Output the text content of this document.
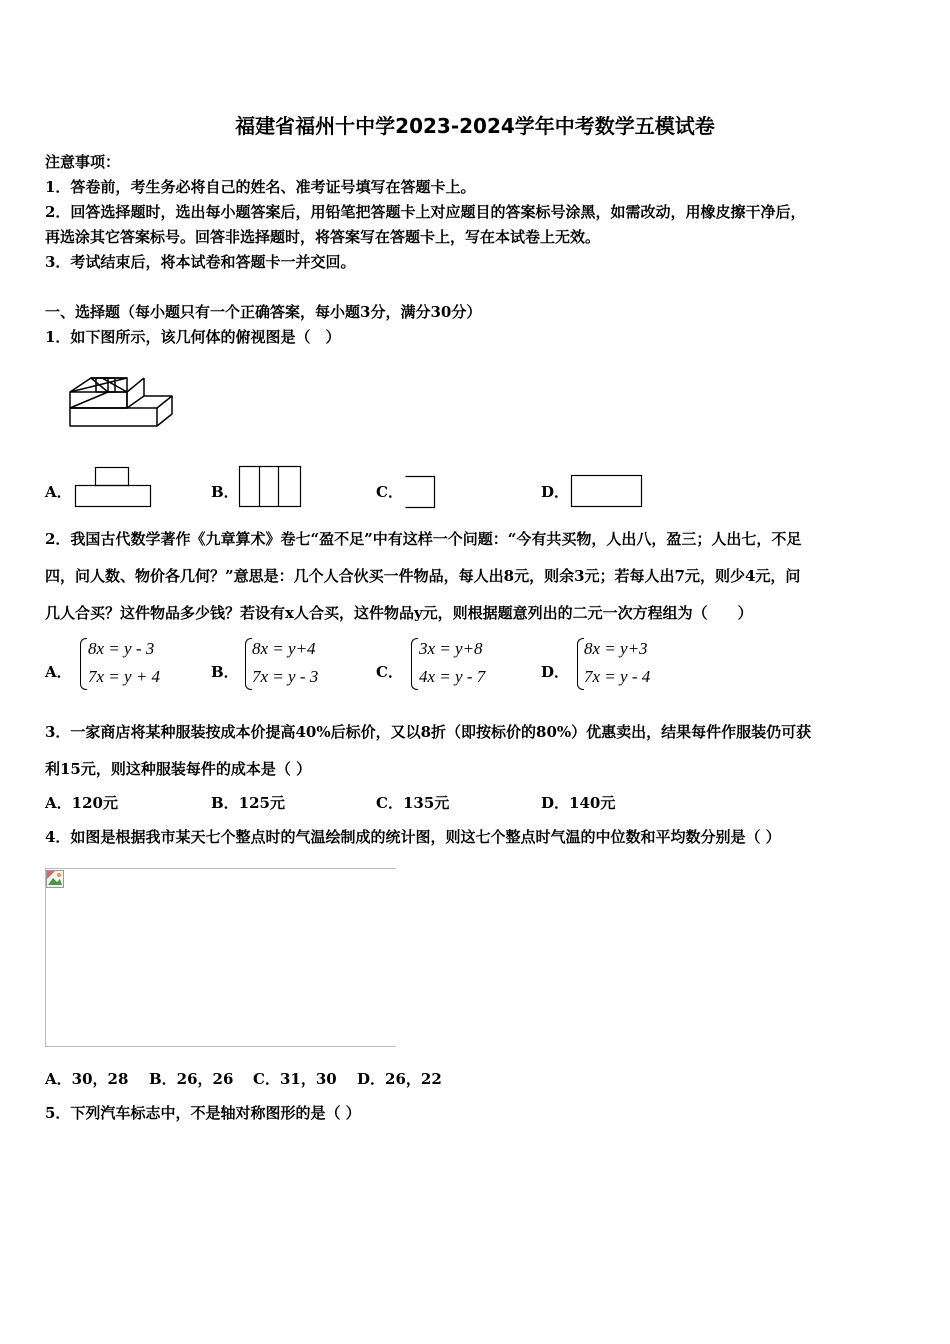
福建省福州十中学2023-2024学年中考数学五模试卷
注意事项：
1．答卷前，考生务必将自己的姓名、准考证号填写在答题卡上。
2．回答选择题时，选出每小题答案后，用铅笔把答题卡上对应题目的答案标号涂黑，如需改动，用橡皮擦干净后，
再选涂其它答案标号。回答非选择题时，将答案写在答题卡上，写在本试卷上无效。
3．考试结束后，将本试卷和答题卡一并交回。
一、选择题（每小题只有一个正确答案，每小题3分，满分30分）
1．如下图所示，该几何体的俯视图是（　）
A．	B．	C．	D．
2．我国古代数学著作《九章算术》卷七“盈不足”中有这样一个问题：“今有共买物，人出八，盈三；人出七，不足
四，问人数、物价各几何？”意思是：几个人合伙买一件物品，每人出8元，则余3元；若每人出7元，则少4元，问
几人合买？这件物品多少钱？若设有x人合买，这件物品y元，则根据题意列出的二元一次方程组为（　　）
A．
8x = y - 3
7x = y + 4	B．
8x = y+4
7x = y - 3	C．
3x = y+8
4x = y - 7	D．
8x = y+3
7x = y - 4
3．一家商店将某种服装按成本价提高40%后标价，又以8折（即按标价的80%）优惠卖出，结果每件作服装仍可获
利15元，则这种服装每件的成本是（ ）
A．120元	B．125元	C．135元	D．140元
4．如图是根据我市某天七个整点时的气温绘制成的统计图，则这七个整点时气温的中位数和平均数分别是（ ）
A．30，28 B．26，26 C．31，30 D．26，22
5．下列汽车标志中，不是轴对称图形的是（ ）
